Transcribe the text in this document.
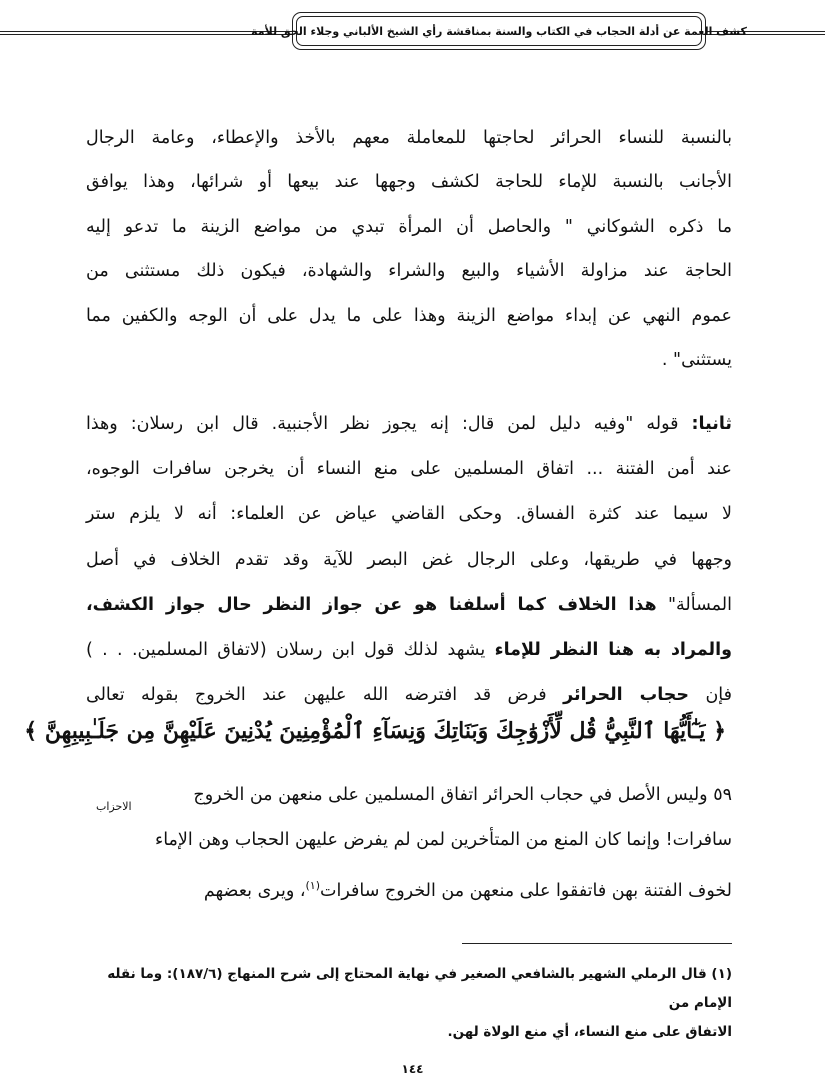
كشف الغمة عن أدلة الحجاب في الكتاب والسنة بمناقشة رأي الشيخ الألباني وجلاء الحق للأمة
بالنسبة للنساء الحرائر لحاجتها للمعاملة معهم بالأخذ والإعطاء، وعامة الرجال
الأجانب بالنسبة للإماء للحاجة لكشف وجهها عند بيعها أو شرائها، وهذا يوافق
ما ذكره الشوكاني " والحاصل أن المرأة تبدي من مواضع الزينة ما تدعو إليه
الحاجة عند مزاولة الأشياء والبيع والشراء والشهادة، فيكون ذلك مستثنى من
عموم النهي عن إبداء مواضع الزينة وهذا على ما يدل على أن الوجه والكفين مما
يستثنى" .
ثانيا: قوله "وفيه دليل لمن قال: إنه يجوز نظر الأجنبية. قال ابن رسلان: وهذا
عند أمن الفتنة ... اتفاق المسلمين على منع النساء أن يخرجن سافرات الوجوه،
لا سيما عند كثرة الفساق. وحكى القاضي عياض عن العلماء: أنه لا يلزم ستر
وجهها في طريقها، وعلى الرجال غض البصر للآية وقد تقدم الخلاف في أصل
المسألة" هذا الخلاف كما أسلفنا هو عن جواز النظر حال جواز الكشف،
والمراد به هنا النظر للإماء يشهد لذلك قول ابن رسلان (لاتفاق المسلمين. . . )
فإن حجاب الحرائر فرض قد افترضه الله عليهن عند الخروج بقوله تعالى
﴿ يَـٰٓأَيُّهَا ٱلنَّبِيُّ قُل لِّأَزْوَٰجِكَ وَبَنَاتِكَ وَنِسَآءِ ٱلْمُؤْمِنِينَ يُدْنِينَ عَلَيْهِنَّ مِن جَلَـٰبِيبِهِنَّ ﴾
الاحزاب
٥٩ وليس الأصل في حجاب الحرائر اتفاق المسلمين على منعهن من الخروج
سافرات! وإنما كان المنع من المتأخرين لمن لم يفرض عليهن الحجاب وهن الإماء
لخوف الفتنة بهن فاتفقوا على منعهن من الخروج سافرات$^{(١)}$، ويرى بعضهم
(١) قال الرملي الشهير بالشافعي الصغير في نهاية المحتاج إلى شرح المنهاج (١٨٧/٦): وما نقله الإمام من
الاتفاق على منع النساء، أي منع الولاة لهن.
١٤٤
